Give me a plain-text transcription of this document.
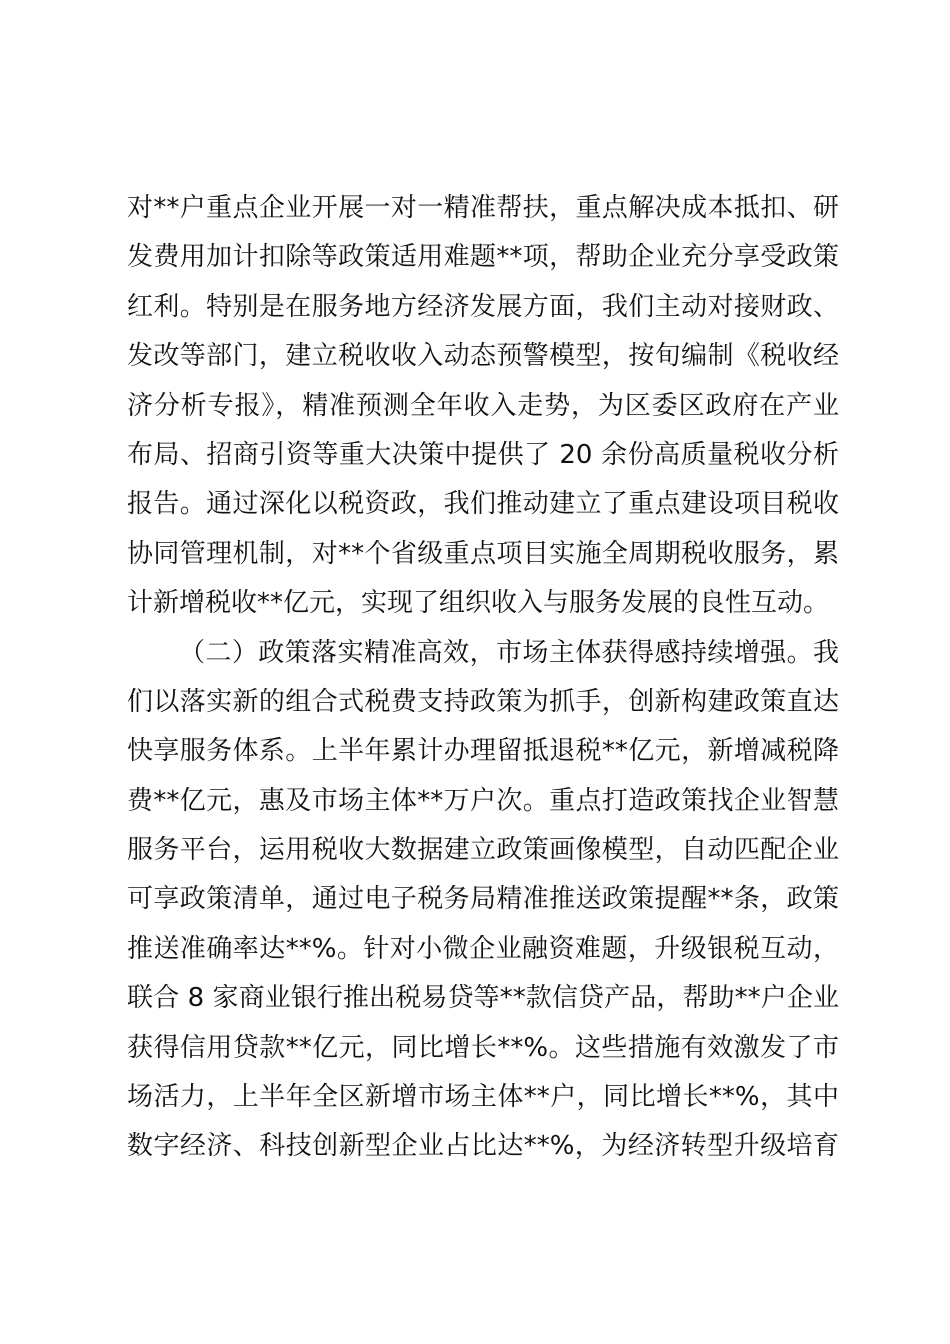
对**户重点企业开展一对一精准帮扶，重点解决成本抵扣、研
发费用加计扣除等政策适用难题**项，帮助企业充分享受政策
红利。特别是在服务地方经济发展方面，我们主动对接财政、
发改等部门，建立税收收入动态预警模型，按旬编制《税收经
济分析专报》，精准预测全年收入走势，为区委区政府在产业
布局、招商引资等重大决策中提供了 20 余份高质量税收分析
报告。通过深化以税资政，我们推动建立了重点建设项目税收
协同管理机制，对**个省级重点项目实施全周期税收服务，累
计新增税收**亿元，实现了组织收入与服务发展的良性互动。
（二）政策落实精准高效，市场主体获得感持续增强。我
们以落实新的组合式税费支持政策为抓手，创新构建政策直达
快享服务体系。上半年累计办理留抵退税**亿元，新增减税降
费**亿元，惠及市场主体**万户次。重点打造政策找企业智慧
服务平台，运用税收大数据建立政策画像模型，自动匹配企业
可享政策清单，通过电子税务局精准推送政策提醒**条，政策
推送准确率达**%。针对小微企业融资难题，升级银税互动，
联合 8 家商业银行推出税易贷等**款信贷产品，帮助**户企业
获得信用贷款**亿元，同比增长**%。这些措施有效激发了市
场活力，上半年全区新增市场主体**户，同比增长**%，其中
数字经济、科技创新型企业占比达**%，为经济转型升级培育
